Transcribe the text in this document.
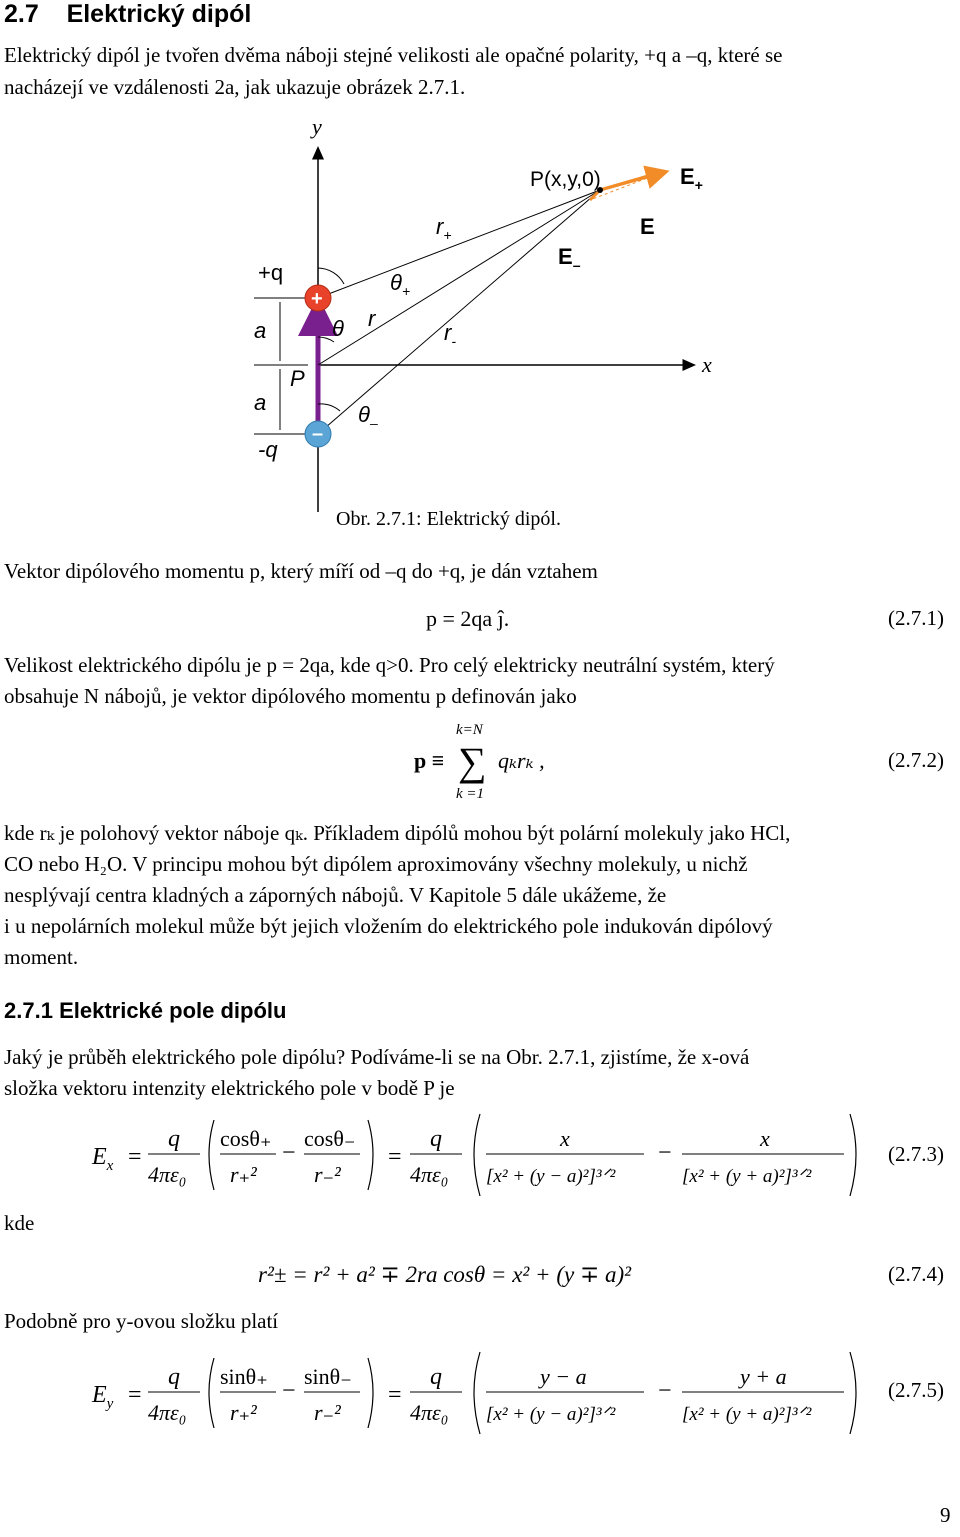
2.7 Elektrický dipól
Elektrický dipól je tvořen dvěma náboji stejné velikosti ale opačné polarity, +q a –q, které se
nacházejí ve vzdálenosti 2a, jak ukazuje obrázek 2.7.1.
y
x
+q
a
a
-q
P
+
–
P(x,y,0)	$E_+$
E
$E_-$
$r_+$
r
$r_-$
$\theta_+$
θ
$\theta_-$
Obr. 2.7.1: Elektrický dipól.
Vektor dipólového momentu p, který míří od –q do +q, je dán vztahem
p = 2qa ĵ.	(2.7.1)
Velikost elektrického dipólu je p = 2qa, kde q>0. Pro celý elektricky neutrální systém, který
obsahuje N nábojů, je vektor dipólového momentu p definován jako
k=N
p ≡ ∑ qₖrₖ ,
k =1
(2.7.2)
kde rₖ je polohový vektor náboje qₖ. Příkladem dipólů mohou být polární molekuly jako HCl,
CO nebo H₂O. V principu mohou být dipólem aproximovány všechny molekuly, u nichž
nesplývají centra kladných a záporných nábojů. V Kapitole 5 dále ukážeme, že
i u nepolárních molekul může být jejich vložením do elektrického pole indukován dipólový
moment.
2.7.1 Elektrické pole dipólu
Jaký je průběh elektrického pole dipólu? Podíváme-li se na Obr. 2.7.1, zjistíme, že x-ová
složka vektoru intenzity elektrického pole v bodě P je
$E_x$ =
q
4πε₀
cosθ₊
r₊²
−
cosθ₋
r₋²
=
q
4πε₀
x
[x² + (y − a)²]³ᐟ²
−
x
[x² + (y + a)²]³ᐟ²
(2.7.3)
kde
r²± = r² + a² ∓ 2ra cosθ = x² + (y ∓ a)²	(2.7.4)
Podobně pro y-ovou složku platí
$E_y$ =
q
4πε₀
sinθ₊
r₊²
−
sinθ₋
r₋²
=
q
4πε₀
y − a
[x² + (y − a)²]³ᐟ²
−
y + a
[x² + (y + a)²]³ᐟ²
(2.7.5)
9
